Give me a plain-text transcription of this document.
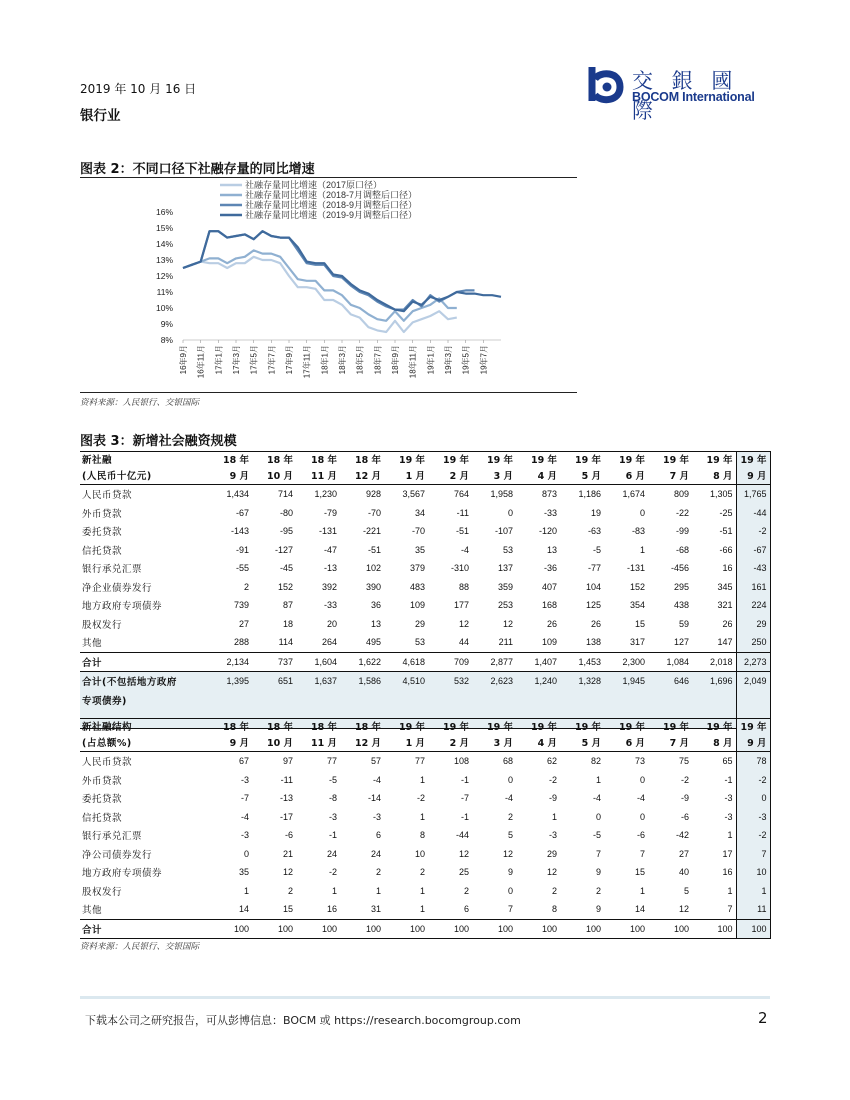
2019 年 10 月 16 日
银行业
交 銀 國 際
BOCOM International
图表 2：不同口径下社融存量的同比增速
社融存量同比增速（2017原口径）
社融存量同比增速（2018-7月调整后口径）
社融存量同比增速（2018-9月调整后口径）
社融存量同比增速（2019-9月调整后口径）
8%
9%
10%
11%
12%
13%
14%
15%
16%
16年9月 16年11月 17年1月 17年3月 17年5月 17年7月 17年9月 17年11月 18年1月 18年3月 18年5月 18年7月 18年9月 18年11月 19年1月 19年3月 19年5月 19年7月
资料来源：人民银行、交银国际
图表 3：新增社会融资规模
新社融	18 年	18 年	18 年	18 年	19 年	19 年	19 年	19 年	19 年	19 年	19 年	19 年	19 年
(人民币十亿元)	9 月	10 月	11 月	12 月	1 月	2 月	3 月	4 月	5 月	6 月	7 月	8 月	9 月
人民币贷款	1,434	714	1,230	928	3,567	764	1,958	873	1,186	1,674	809	1,305	1,765
外币贷款	-67	-80	-79	-70	34	-11	0	-33	19	0	-22	-25	-44
委托贷款	-143	-95	-131	-221	-70	-51	-107	-120	-63	-83	-99	-51	-2
信托贷款	-91	-127	-47	-51	35	-4	53	13	-5	1	-68	-66	-67
银行承兑汇票	-55	-45	-13	102	379	-310	137	-36	-77	-131	-456	16	-43
净企业债券发行	2	152	392	390	483	88	359	407	104	152	295	345	161
地方政府专项债券	739	87	-33	36	109	177	253	168	125	354	438	321	224
股权发行	27	18	20	13	29	12	12	26	26	15	59	26	29
其他	288	114	264	495	53	44	211	109	138	317	127	147	250
合计	2,134	737	1,604	1,622	4,618	709	2,877	1,407	1,453	2,300	1,084	2,018	2,273
合计(不包括地方政府	1,395	651	1,637	1,586	4,510	532	2,623	1,240	1,328	1,945	646	1,696	2,049
专项债券)													

新社融结构	18 年	18 年	18 年	18 年	19 年	19 年	19 年	19 年	19 年	19 年	19 年	19 年	19 年
(占总额%)	9 月	10 月	11 月	12 月	1 月	2 月	3 月	4 月	5 月	6 月	7 月	8 月	9 月
人民币贷款	67	97	77	57	77	108	68	62	82	73	75	65	78
外币贷款	-3	-11	-5	-4	1	-1	0	-2	1	0	-2	-1	-2
委托贷款	-7	-13	-8	-14	-2	-7	-4	-9	-4	-4	-9	-3	0
信托贷款	-4	-17	-3	-3	1	-1	2	1	0	0	-6	-3	-3
银行承兑汇票	-3	-6	-1	6	8	-44	5	-3	-5	-6	-42	1	-2
净公司债券发行	0	21	24	24	10	12	12	29	7	7	27	17	7
地方政府专项债券	35	12	-2	2	2	25	9	12	9	15	40	16	10
股权发行	1	2	1	1	1	2	0	2	2	1	5	1	1
其他	14	15	16	31	1	6	7	8	9	14	12	7	11
合计	100	100	100	100	100	100	100	100	100	100	100	100	100
资料来源：人民银行、交银国际
下载本公司之研究报告，可从彭博信息：BOCM 或 https://research.bocomgroup.com	2
